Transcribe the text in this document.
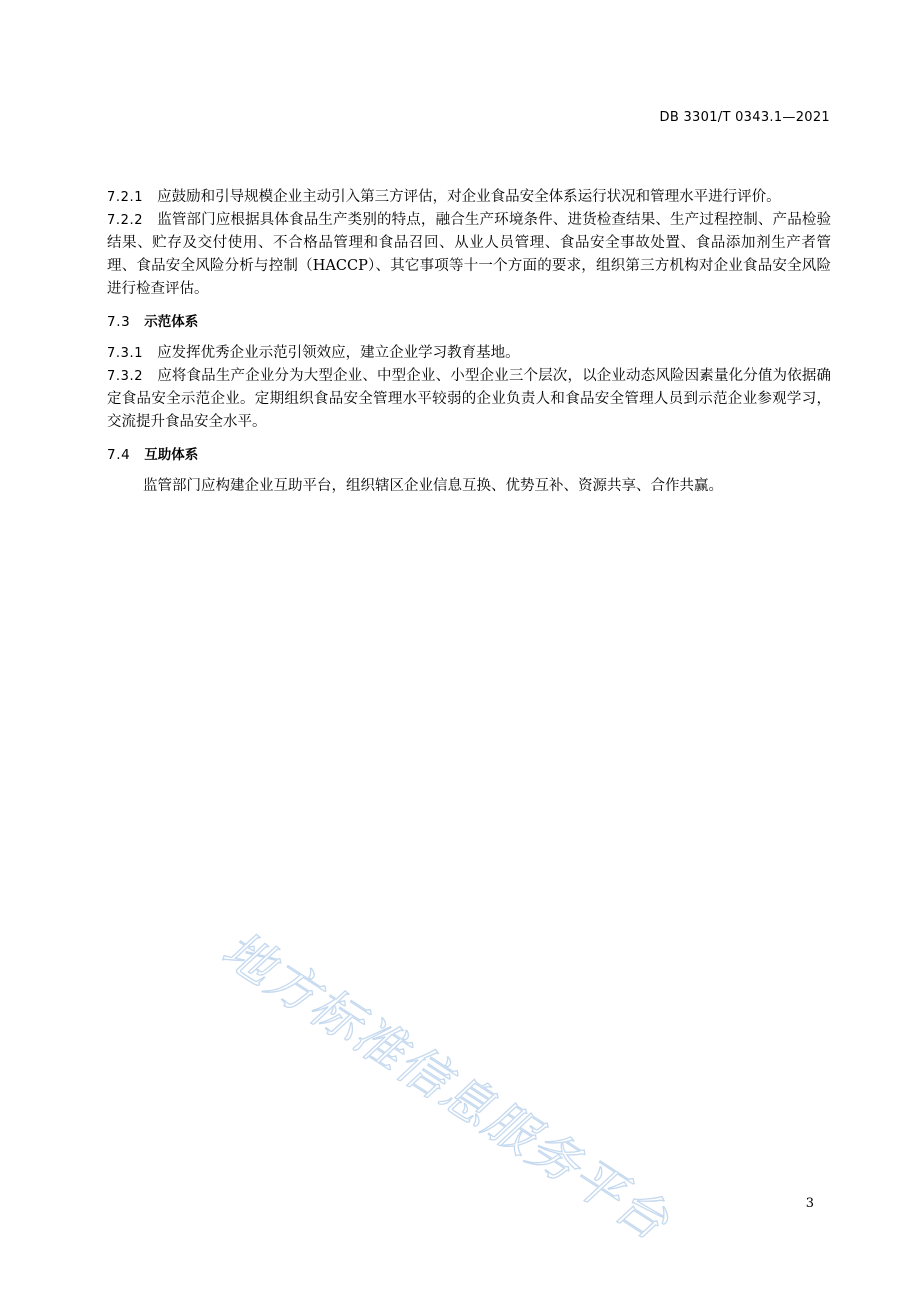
DB 3301/T 0343.1—2021

7.2.1 应鼓励和引导规模企业主动引入第三方评估，对企业食品安全体系运行状况和管理水平进行评价。

7.2.2 监管部门应根据具体食品生产类别的特点，融合生产环境条件、进货检查结果、生产过程控制、产品检验结果、贮存及交付使用、不合格品管理和食品召回、从业人员管理、食品安全事故处置、食品添加剂生产者管理、食品安全风险分析与控制（HACCP）、其它事项等十一个方面的要求，组织第三方机构对企业食品安全风险进行检查评估。

7.3 示范体系

7.3.1 应发挥优秀企业示范引领效应，建立企业学习教育基地。

7.3.2 应将食品生产企业分为大型企业、中型企业、小型企业三个层次，以企业动态风险因素量化分值为依据确定食品安全示范企业。定期组织食品安全管理水平较弱的企业负责人和食品安全管理人员到示范企业参观学习，交流提升食品安全水平。

7.4 互助体系

监管部门应构建企业互助平台，组织辖区企业信息互换、优势互补、资源共享、合作共赢。

地方标准信息服务平台	3
